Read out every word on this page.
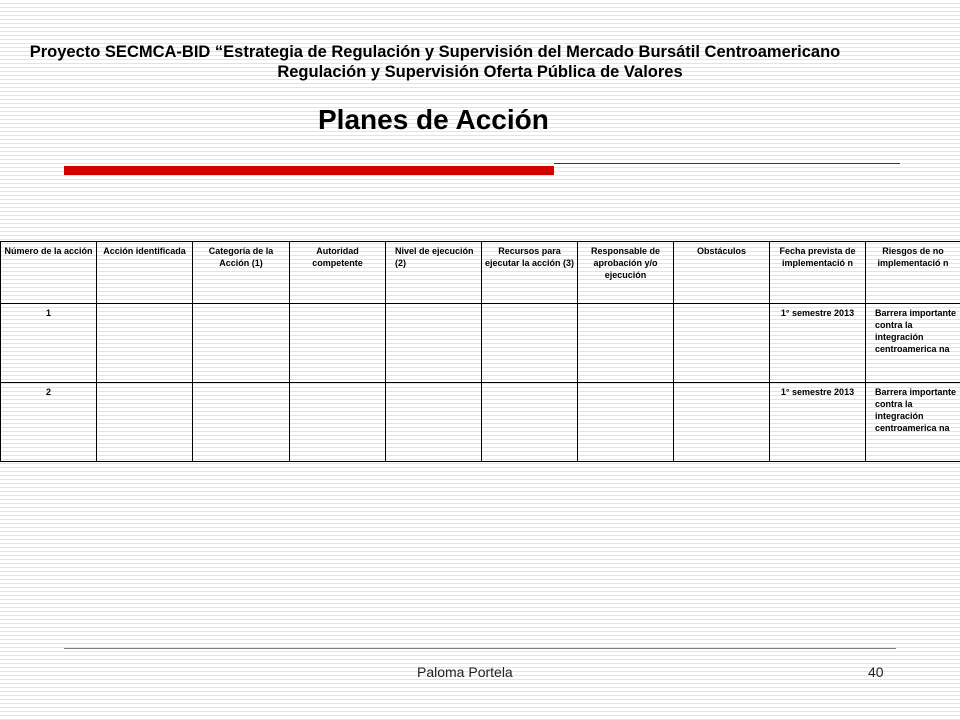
Proyecto SECMCA-BID “Estrategia de Regulación y Supervisión del Mercado Bursátil Centroamericano
Regulación y Supervisión Oferta Pública de Valores
Planes de Acción
Número de la acción	Acción identificada	Categoría de la Acción (1)	Autoridad competente	Nivel de ejecución (2)	Recursos para ejecutar la acción (3)	Responsable de aprobación y/o ejecución	Obstáculos	Fecha prevista de implementació n	Riesgos de no implementació n
1								1° semestre 2013	Barrera importante contra la integración centroamerica na
2								1° semestre 2013	Barrera importante contra la integración centroamerica na
Paloma Portela	40
